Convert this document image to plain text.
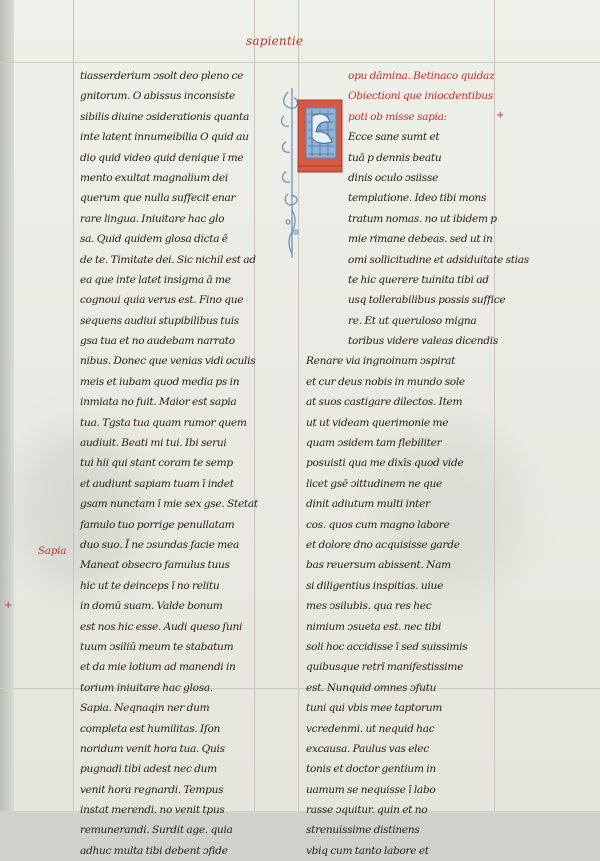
sapientie
Sapia
+
+
tiasserderium ↄsolt deo pleno ce
gnitorum. O abissus inconsiste
sibilis diuine ↄsiderationis quanta
inte latent innumeibilia O quid au
dio quid video quid denique ī me
mento exultat magnalium dei
querum que nulla suffecit enar
rare lingua. Iniuitare hac glo
sa. Quid quidem glosa dicta ē
de te. Timitate dei. Sic nichil est ad
ea que inte latet insigma ā me
cognoui quia verus est. Fino que
sequens audiui stupibilibus tuis
gsa tua et no audebam narrato
nibus. Donec que venias vidi oculis
meis et iubam quod media ps in
inmiata no fuit. Maior est sapia
tua. Tgsta tua quam rumor quem
audiuit. Beati mi tui. Ibi serui
tui hii qui stant coram te semp
et audiunt sapiam tuam ī indet
gsam nunctam ī mie sex gse. Stetat
famulo tuo porrige penullatam
duo suo. Ī ne ↄsundas facie mea
Maneat obsecro famulus tuus
hic ut te deinceps ī no relitu
in domū suam. Valde bonum
est nos hic esse. Audi quesο ſuni
tuum ↄsiliū meum te stabatum
et da mie lotium ad manendi in
torium iniuitare hac glosa.
Sapia. Neqnaqin ner dum
completa est humilitas. Iſon
noridum venit hora tua. Quis
pugnadi tibi adest nec dum
venit hora regnardi. Tempus
instat merendi. no venit tpus
remunerandi. Surdit age. quia
adhuc multa tibi debent ↄfide
opu dāmina. Betinaco quidaz
Obiectioni que iniocdentibus
poti ob misse sapia:
Ecce sane sumt et
tuā p dennis beatu
dinis oculo ↄsiisse
templatione. Ideo tibi mons
tratum nomas. no ut ibidem p
mie rimane debeas. sed ut in
omi sollicitudine et adsiduitate stias
te hic querere tuinita tibi ad
usq tollerabilibus possis suffice
re. Et ut querulosο migna
toribus videre valeas dicendis
Renare via ingnoinum ↄspirat
et cur deus nobis in mundo sole
at suos castigare dilectos. Item
ut ut videam querimonie me
quam ↄsidem tam flebiliter
posuisti qua me dixīs quod vide
licet gsē ↄittudinem ne que
dinit adiutum multi inter
cos. quos cum magno labore
et dolore dno acquisisse garde
bas reuersum abissent. Nam
si diligentius inspitias. uiue
mes ↄsilubis. qua res hec
nimium ↄsueta est. nec tibi
soli hoc accidisse ī sed suissimis
quibusque retrī manifestissime
est. Nunquid omnes ↄfutu
tuni qui vbis mee taptorum
vcredenmi. ut nequid hac
excausa. Paulus vas elec
tonis et doctor gentium in
uamum se nequisse ī labo
rasse ↄquitur. quin et no
strenuissime distinens
vbiq cum tanto labore et
